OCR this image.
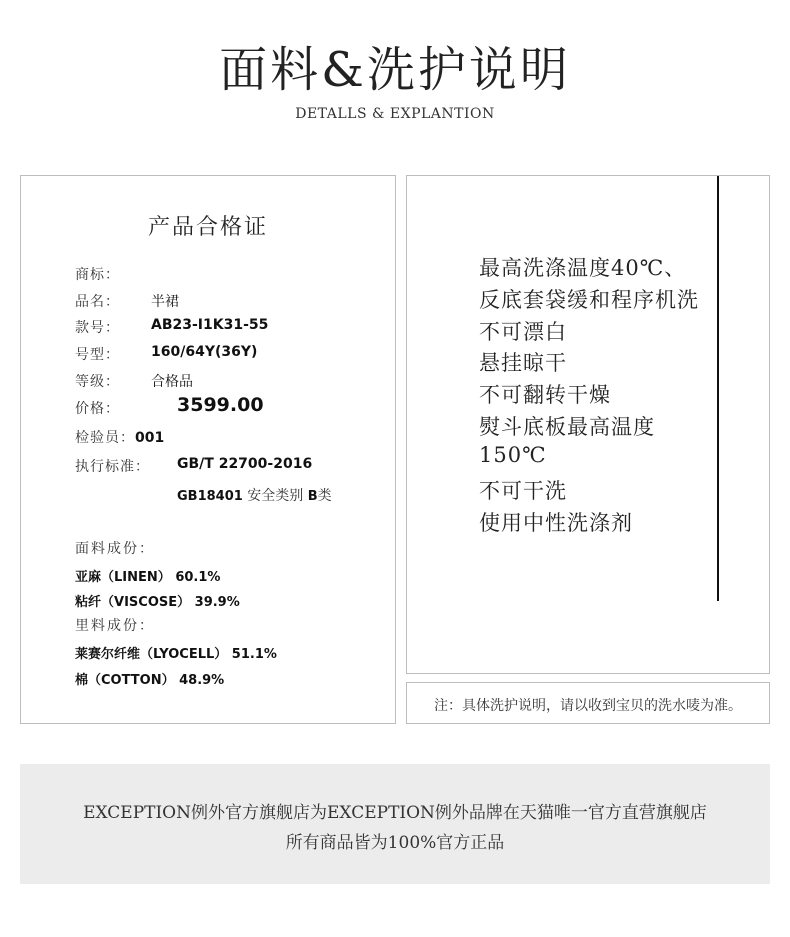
面料&洗护说明
DETALLS & EXPLANTION
产品合格证
商标：
品名： 半裙
款号： AB23-I1K31-55
号型： 160/64Y(36Y)
等级： 合格品
价格：	3599.00
检验员：001
执行标准： GB/T 22700-2016
GB18401 安全类别 B类
面料成份：
亚麻（LINEN） 60.1%
粘纤（VISCOSE） 39.9%
里料成份：
莱赛尔纤维（LYOCELL） 51.1%
棉（COTTON） 48.9%
最高洗涤温度40℃、
反底套袋缓和程序机洗
不可漂白
悬挂晾干
不可翻转干燥
熨斗底板最高温度
150℃
不可干洗
使用中性洗涤剂
注：具体洗护说明，请以收到宝贝的洗水唛为准。
EXCEPTION例外官方旗舰店为EXCEPTION例外品牌在天猫唯一官方直营旗舰店
所有商品皆为100%官方正品
